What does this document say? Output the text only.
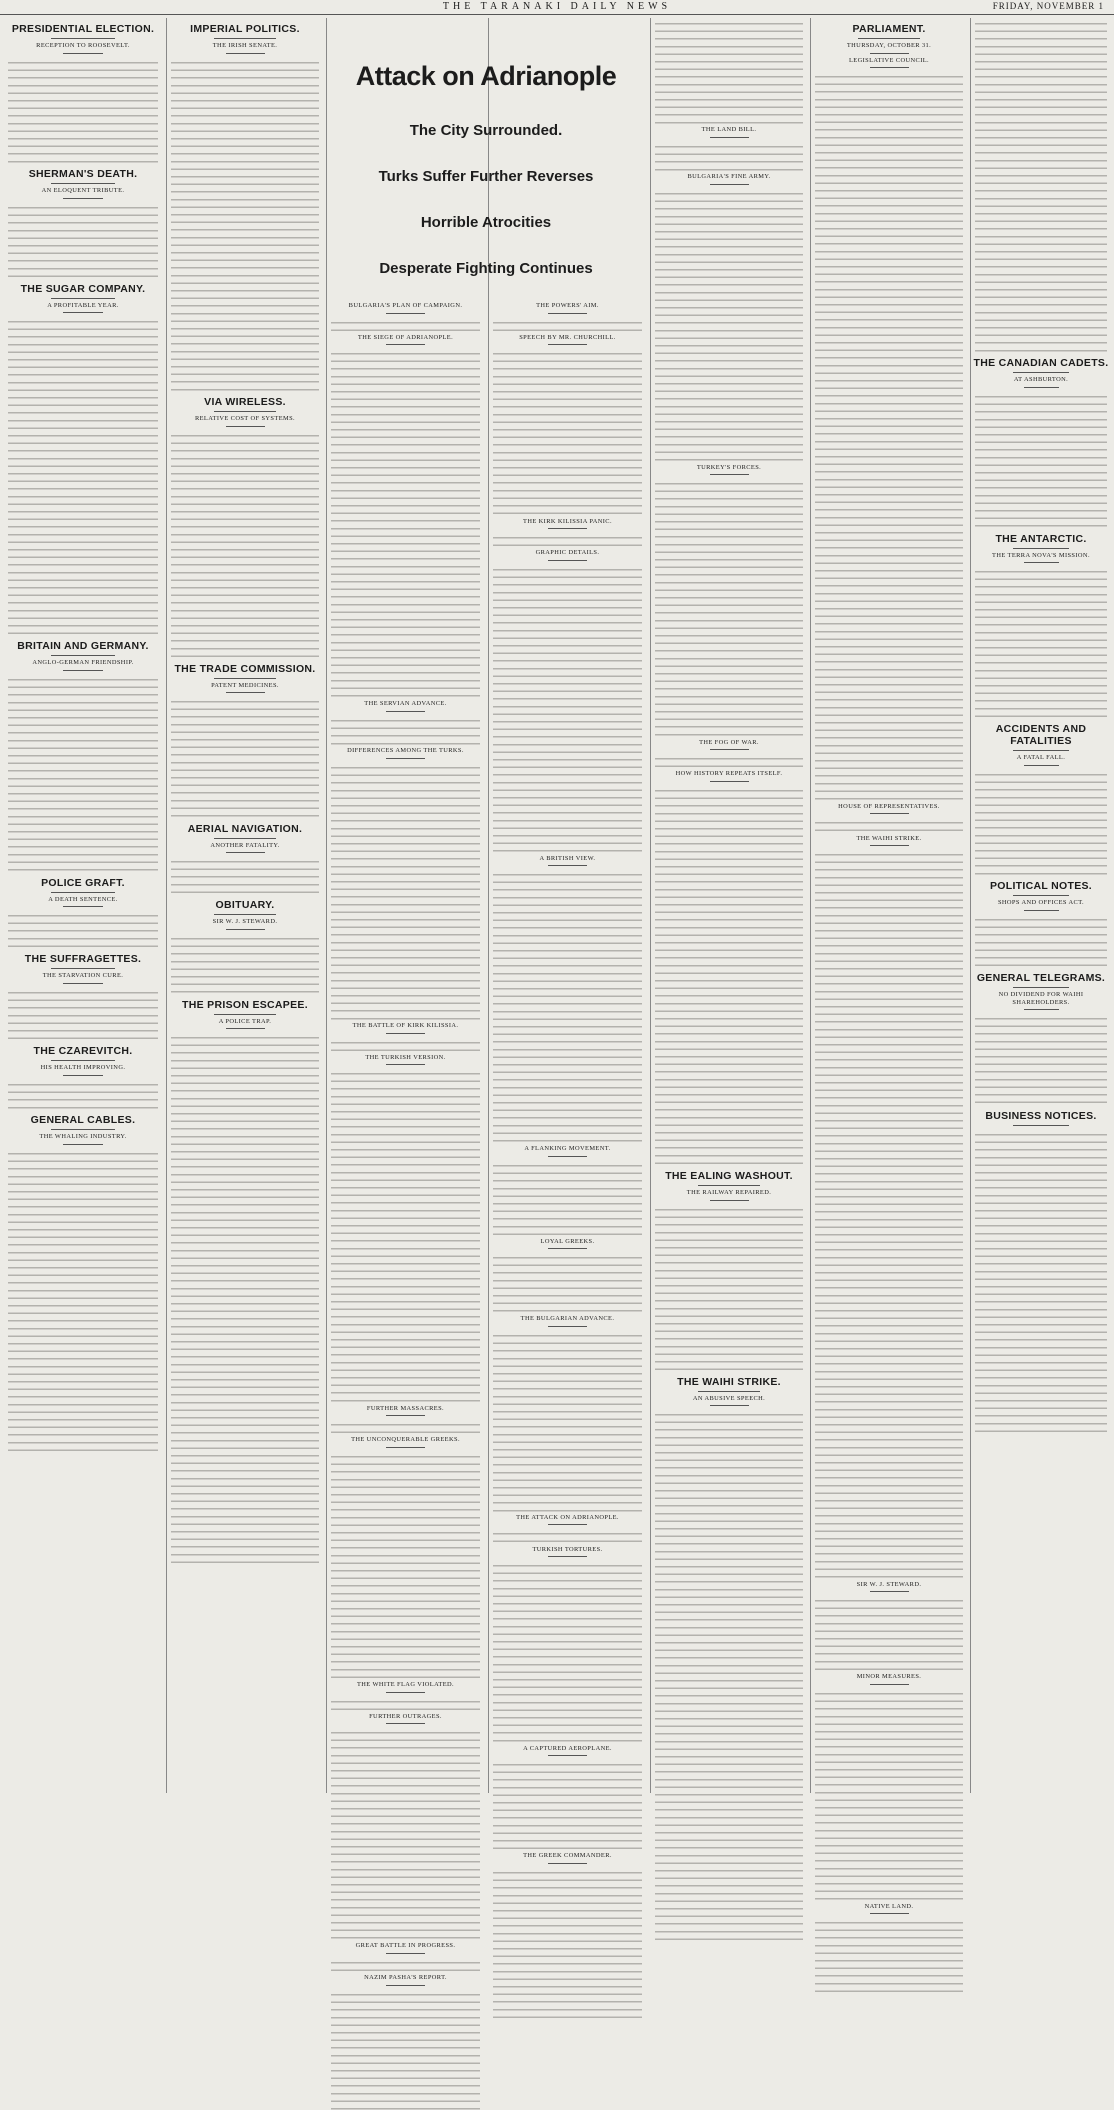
THE TARANAKI DAILY NEWS	FRIDAY, NOVEMBER 1
PRESIDENTIAL ELECTION.
RECEPTION TO ROOSEVELT.
SHERMAN'S DEATH.
AN ELOQUENT TRIBUTE.
THE SUGAR COMPANY.
A PROFITABLE YEAR.
BRITAIN AND GERMANY.
ANGLO-GERMAN FRIENDSHIP.
POLICE GRAFT.
A DEATH SENTENCE.
THE SUFFRAGETTES.
THE STARVATION CURE.
THE CZAREVITCH.
HIS HEALTH IMPROVING.
GENERAL CABLES.
THE WHALING INDUSTRY.
IMPERIAL POLITICS.
THE IRISH SENATE.
VIA WIRELESS.
RELATIVE COST OF SYSTEMS.
THE TRADE COMMISSION.
PATENT MEDICINES.
AERIAL NAVIGATION.
ANOTHER FATALITY.
OBITUARY.
SIR W. J. STEWARD.
THE PRISON ESCAPEE.
A POLICE TRAP.
BULGARIA'S PLAN OF CAMPAIGN.
THE SIEGE OF ADRIANOPLE.
THE SERVIAN ADVANCE.
DIFFERENCES AMONG THE TURKS.
THE BATTLE OF KIRK KILISSIA.
THE TURKISH VERSION.
FURTHER MASSACRES.
THE UNCONQUERABLE GREEKS.
THE WHITE FLAG VIOLATED.
FURTHER OUTRAGES.
GREAT BATTLE IN PROGRESS.
NAZIM PASHA'S REPORT.
THE POWERS' AIM.
SPEECH BY MR. CHURCHILL.
THE KIRK KILISSIA PANIC.
GRAPHIC DETAILS.
A BRITISH VIEW.
A FLANKING MOVEMENT.
LOYAL GREEKS.
THE BULGARIAN ADVANCE.
THE ATTACK ON ADRIANOPLE.
TURKISH TORTURES.
A CAPTURED AEROPLANE.
THE GREEK COMMANDER.
THE LAND BILL.
BULGARIA'S FINE ARMY.
TURKEY'S FORCES.
THE FOG OF WAR.
HOW HISTORY REPEATS ITSELF.
THE EALING WASHOUT.
THE RAILWAY REPAIRED.
THE WAIHI STRIKE.
AN ABUSIVE SPEECH.
PARLIAMENT.
THURSDAY, OCTOBER 31.
LEGISLATIVE COUNCIL.
HOUSE OF REPRESENTATIVES.
THE WAIHI STRIKE.
SIR W. J. STEWARD.
MINOR MEASURES.
NATIVE LAND.
THE CANADIAN CADETS.
AT ASHBURTON.
THE ANTARCTIC.
THE TERRA NOVA'S MISSION.
ACCIDENTS AND FATALITIES
A FATAL FALL.
POLITICAL NOTES.
SHOPS AND OFFICES ACT.
GENERAL TELEGRAMS.
NO DIVIDEND FOR WAIHI SHAREHOLDERS.
BUSINESS NOTICES.
Attack on Adrianople
The City Surrounded.
Turks Suffer Further Reverses
Horrible Atrocities
Desperate Fighting Continues
